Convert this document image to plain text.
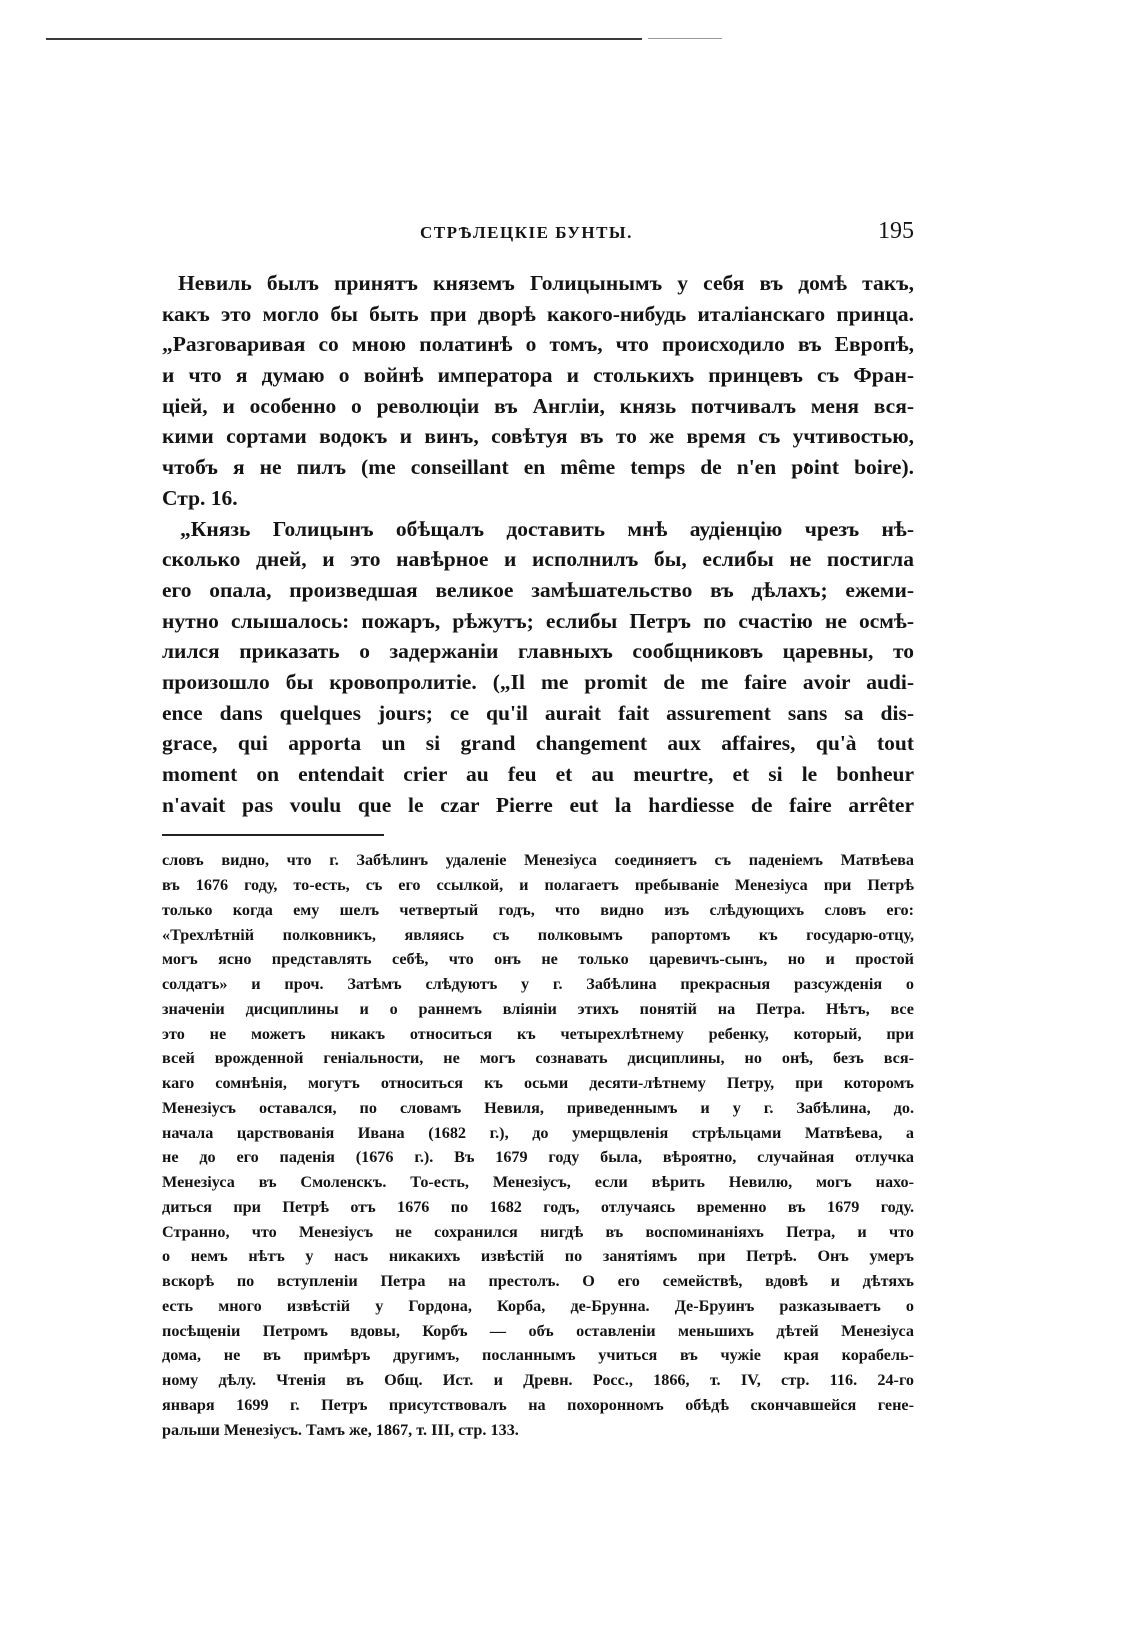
СТРѢЛЕЦКІЕ БУНТЫ.	195
Невиль былъ принятъ княземъ Голицынымъ у себя въ домѣ такъ,
какъ это могло бы быть при дворѣ какого-нибудь италіанскаго принца.
„Разговаривая со мною полатинѣ о томъ, что происходило въ Европѣ,
и что я думаю о войнѣ императора и столькихъ принцевъ съ Фран-
ціей, и особенно о революціи въ Англіи, князь потчивалъ меня вся-
кими сортами водокъ и винъ, совѣтуя въ то же время съ учтивостью,
чтобъ я не пилъ (me conseillant en même temps de n'en point boire).
Стр. 16.
„Князь Голицынъ обѣщалъ доставить мнѣ аудіенцію чрезъ нѣ-
сколько дней, и это навѣрное и исполнилъ бы, еслибы не постигла
его опала, произведшая великое замѣшательство въ дѣлахъ; ежеми-
нутно слышалось: пожаръ, рѣжутъ; еслибы Петръ по счастію не осмѣ-
лился приказать о задержаніи главныхъ сообщниковъ царевны, то
произошло бы кровопролитіе. („Il me promit de me faire avoir audi-
ence dans quelques jours; ce qu'il aurait fait assurement sans sa dis-
grace, qui apporta un si grand changement aux affaires, qu'à tout
moment on entendait crier au feu et au meurtre, et si le bonheur
n'avait pas voulu que le czar Pierre eut la hardiesse de faire arrêter
словъ видно, что г. Забѣлинъ удаленіе Менезіуса соединяетъ съ паденіемъ Матвѣева
въ 1676 году, то-есть, съ его ссылкой, и полагаетъ пребываніе Менезіуса при Петрѣ
только когда ему шелъ четвертый годъ, что видно изъ слѣдующихъ словъ его:
«Трехлѣтній полковникъ, являясь съ полковымъ рапортомъ къ государю-отцу,
могъ ясно представлять себѣ, что онъ не только царевичъ-сынъ, но и простой
солдатъ» и проч. Затѣмъ слѣдуютъ у г. Забѣлина прекрасныя разсужденія о
значеніи дисциплины и о раннемъ вліяніи этихъ понятій на Петра. Нѣтъ, все
это не можетъ никакъ относиться къ четырехлѣтнему ребенку, который, при
всей врожденной геніальности, не могъ сознавать дисциплины, но онѣ, безъ вся-
каго сомнѣнія, могутъ относиться къ осьми десяти-лѣтнему Петру, при которомъ
Менезіусъ оставался, по словамъ Невиля, приведеннымъ и у г. Забѣлина, до.
начала царствованія Ивана (1682 г.), до умерщвленія стрѣльцами Матвѣева, а
не до его паденія (1676 г.). Въ 1679 году была, вѣроятно, случайная отлучка
Менезіуса въ Смоленскъ. То-есть, Менезіусъ, если вѣрить Невилю, могъ нахо-
диться при Петрѣ отъ 1676 по 1682 годъ, отлучаясь временно въ 1679 году.
Странно, что Менезіусъ не сохранился нигдѣ въ воспоминаніяхъ Петра, и что
о немъ нѣтъ у насъ никакихъ извѣстій по занятіямъ при Петрѣ. Онъ умеръ
вскорѣ по вступленіи Петра на престолъ. О его семействѣ, вдовѣ и дѣтяхъ
есть много извѣстій у Гордона, Корба, де-Брунна. Де-Бруинъ разказываетъ о
посѣщеніи Петромъ вдовы, Корбъ — объ оставленіи меньшихъ дѣтей Менезіуса
дома, не въ примѣръ другимъ, посланнымъ учиться въ чужіе края корабель-
ному дѣлу. Чтенія въ Общ. Ист. и Древн. Росс., 1866, т. IV, стр. 116. 24-го
января 1699 г. Петръ присутствовалъ на похоронномъ обѣдѣ скончавшейся гене-
ральши Менезіусъ. Тамъ же, 1867, т. III, стр. 133.
